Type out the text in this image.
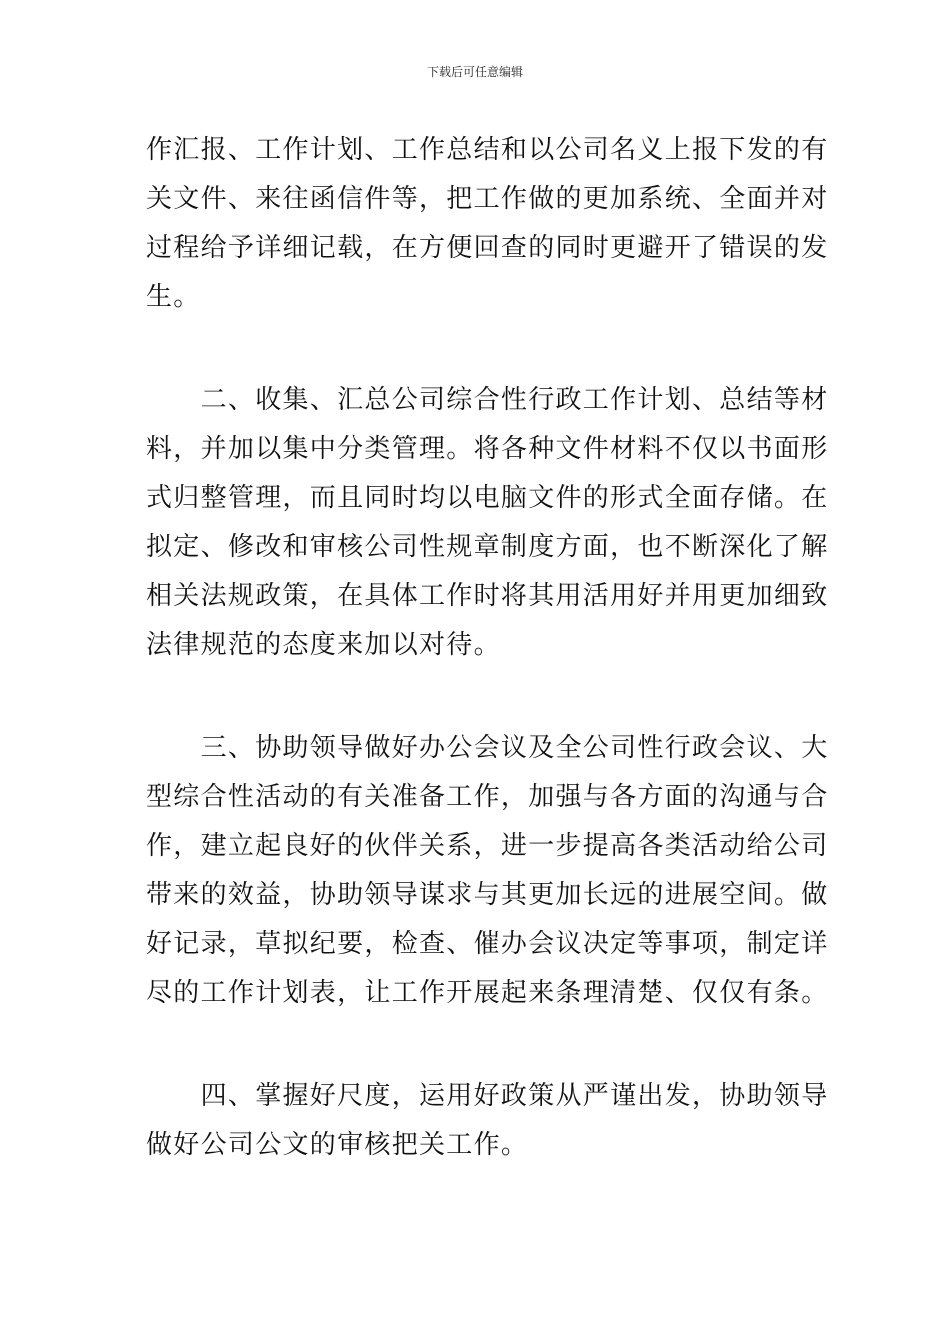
下载后可任意编辑

作汇报、工作计划、工作总结和以公司名义上报下发的有

关文件、来往函信件等，把工作做的更加系统、全面并对

过程给予详细记载，在方便回查的同时更避开了错误的发

生。

　　二、收集、汇总公司综合性行政工作计划、总结等材

料，并加以集中分类管理。将各种文件材料不仅以书面形

式归整管理，而且同时均以电脑文件的形式全面存储。在

拟定、修改和审核公司性规章制度方面，也不断深化了解

相关法规政策，在具体工作时将其用活用好并用更加细致

法律规范的态度来加以对待。

　　三、协助领导做好办公会议及全公司性行政会议、大

型综合性活动的有关准备工作，加强与各方面的沟通与合

作，建立起良好的伙伴关系，进一步提高各类活动给公司

带来的效益，协助领导谋求与其更加长远的进展空间。做

好记录，草拟纪要，检查、催办会议决定等事项，制定详

尽的工作计划表，让工作开展起来条理清楚、仅仅有条。

　　四、掌握好尺度，运用好政策从严谨出发，协助领导

做好公司公文的审核把关工作。
